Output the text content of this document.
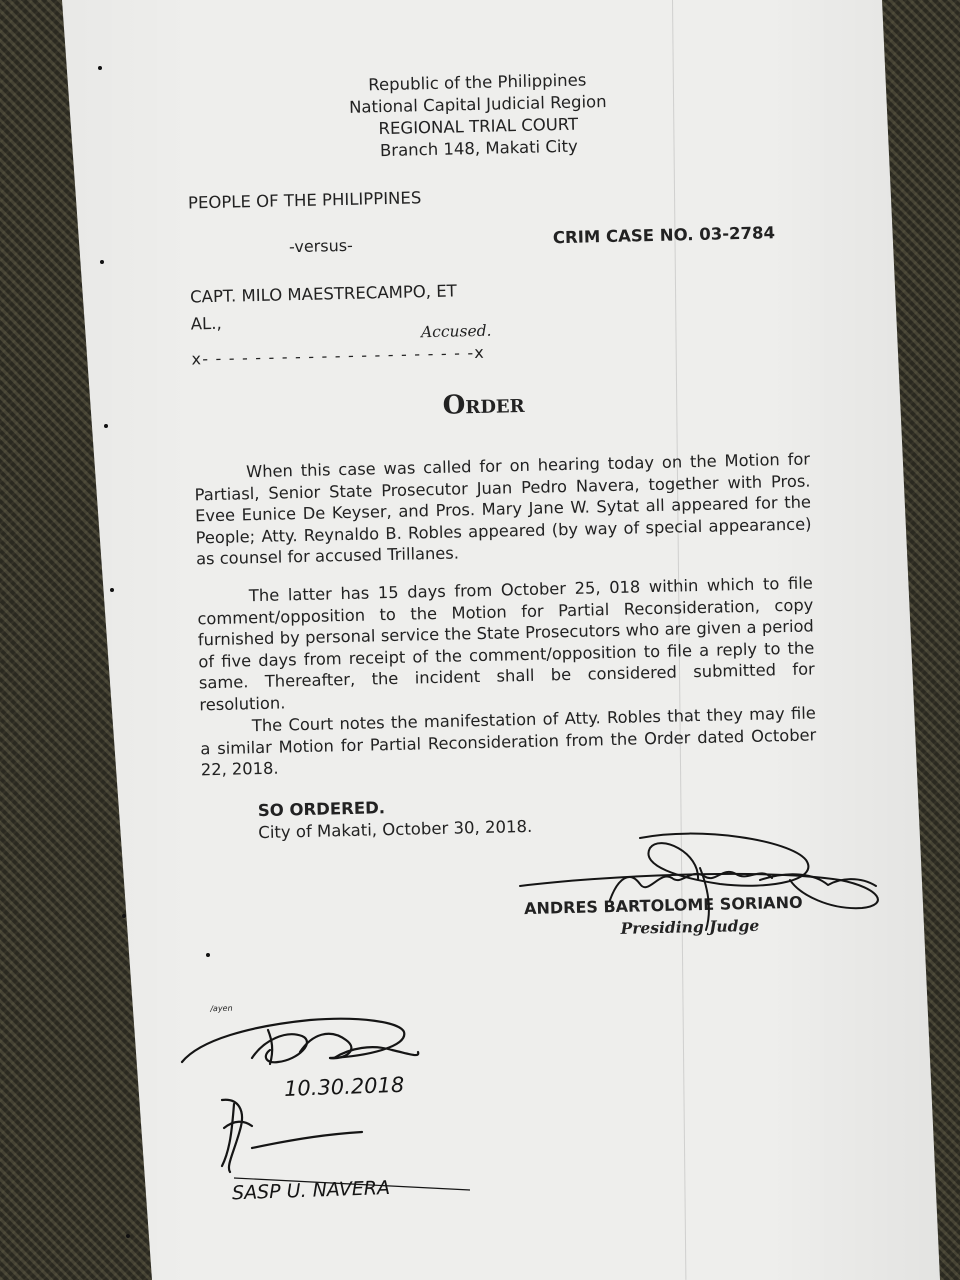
Republic of the Philippines
National Capital Judicial Region
REGIONAL TRIAL COURT
Branch 148, Makati City
PEOPLE OF THE PHILIPPINES
-versus-	CRIM CASE NO. 03-2784
CAPT. MILO MAESTRECAMPO, ET AL.,	Accused.
x- - - - - - - - - - - - - - - - - - - - -x
Order
When this case was called for on hearing today on the Motion for Partiasl, Senior State Prosecutor Juan Pedro Navera, together with Pros. Evee Eunice De Keyser, and Pros. Mary Jane W. Sytat all appeared for the People; Atty. Reynaldo B. Robles appeared (by way of special appearance) as counsel for accused Trillanes.
The latter has 15 days from October 25, 018 within which to file comment/opposition to the Motion for Partial Reconsideration, copy furnished by personal service the State Prosecutors who are given a period of five days from receipt of the comment/opposition to file a reply to the same. Thereafter, the incident shall be considered submitted for resolution.
The Court notes the manifestation of Atty. Robles that they may file a similar Motion for Partial Reconsideration from the Order dated October 22, 2018.
SO ORDERED.
City of Makati, October 30, 2018.
ANDRES BARTOLOME SORIANO
Presiding Judge
/ayen
10.30.2018
SASP U. NAVERA
